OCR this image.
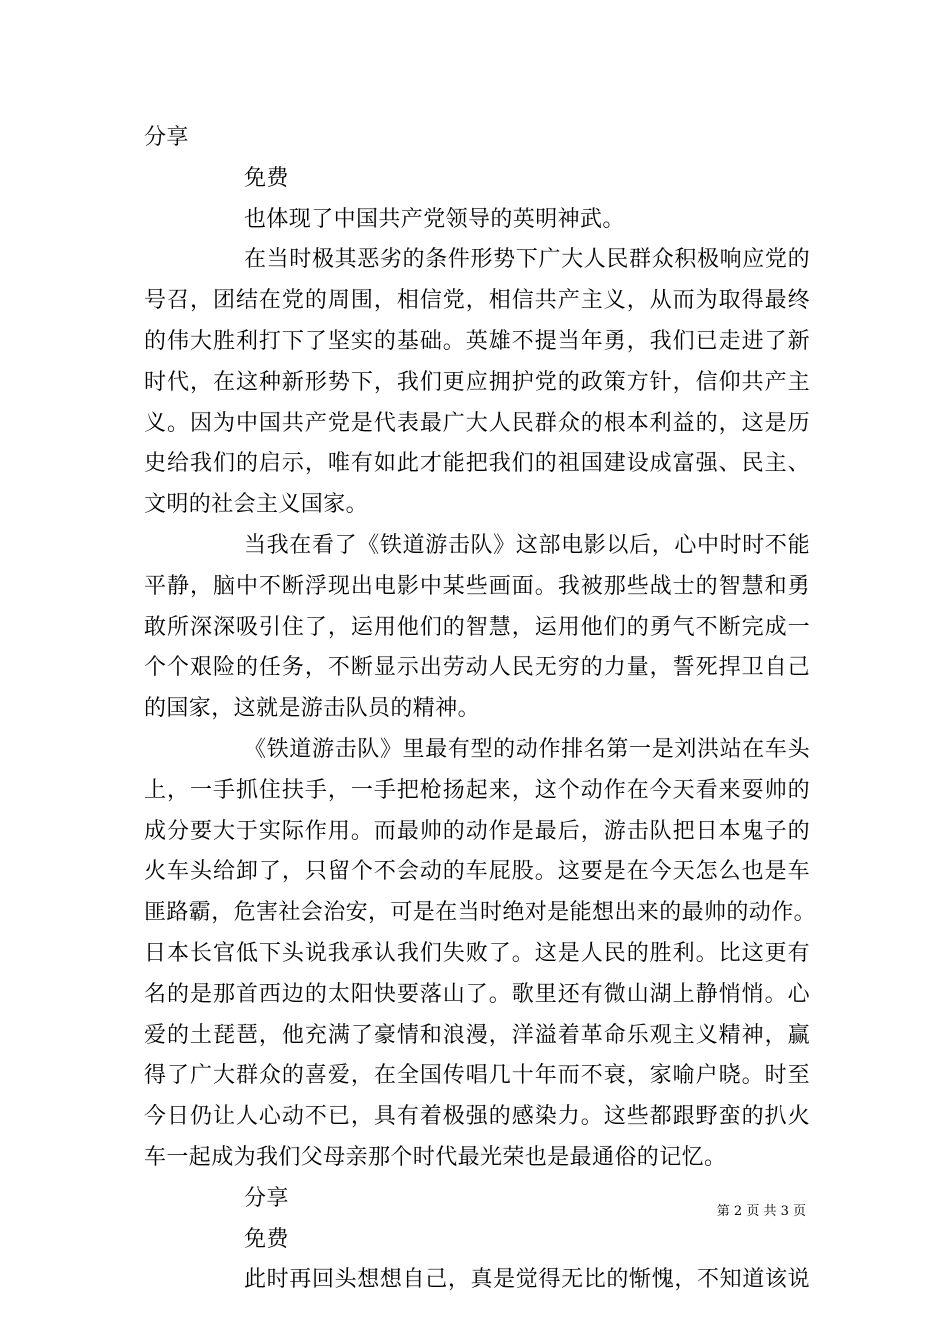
分享
免费
也体现了中国共产党领导的英明神武。
在当时极其恶劣的条件形势下广大人民群众积极响应党的
号召，团结在党的周围，相信党，相信共产主义，从而为取得最终
的伟大胜利打下了坚实的基础。英雄不提当年勇，我们已走进了新
时代，在这种新形势下，我们更应拥护党的政策方针，信仰共产主
义。因为中国共产党是代表最广大人民群众的根本利益的，这是历
史给我们的启示，唯有如此才能把我们的祖国建设成富强、民主、
文明的社会主义国家。
当我在看了《铁道游击队》这部电影以后，心中时时不能
平静，脑中不断浮现出电影中某些画面。我被那些战士的智慧和勇
敢所深深吸引住了，运用他们的智慧，运用他们的勇气不断完成一
个个艰险的任务，不断显示出劳动人民无穷的力量，誓死捍卫自己
的国家，这就是游击队员的精神。
《铁道游击队》里最有型的动作排名第一是刘洪站在车头
上，一手抓住扶手，一手把枪扬起来，这个动作在今天看来耍帅的
成分要大于实际作用。而最帅的动作是最后，游击队把日本鬼子的
火车头给卸了，只留个不会动的车屁股。这要是在今天怎么也是车
匪路霸，危害社会治安，可是在当时绝对是能想出来的最帅的动作。
日本长官低下头说我承认我们失败了。这是人民的胜利。比这更有
名的是那首西边的太阳快要落山了。歌里还有微山湖上静悄悄。心
爱的土琵琶，他充满了豪情和浪漫，洋溢着革命乐观主义精神，赢
得了广大群众的喜爱，在全国传唱几十年而不衰，家喻户晓。时至
今日仍让人心动不已，具有着极强的感染力。这些都跟野蛮的扒火
车一起成为我们父母亲那个时代最光荣也是最通俗的记忆。
分享
免费
此时再回头想想自己，真是觉得无比的惭愧，不知道该说
第 2 页 共 3 页
